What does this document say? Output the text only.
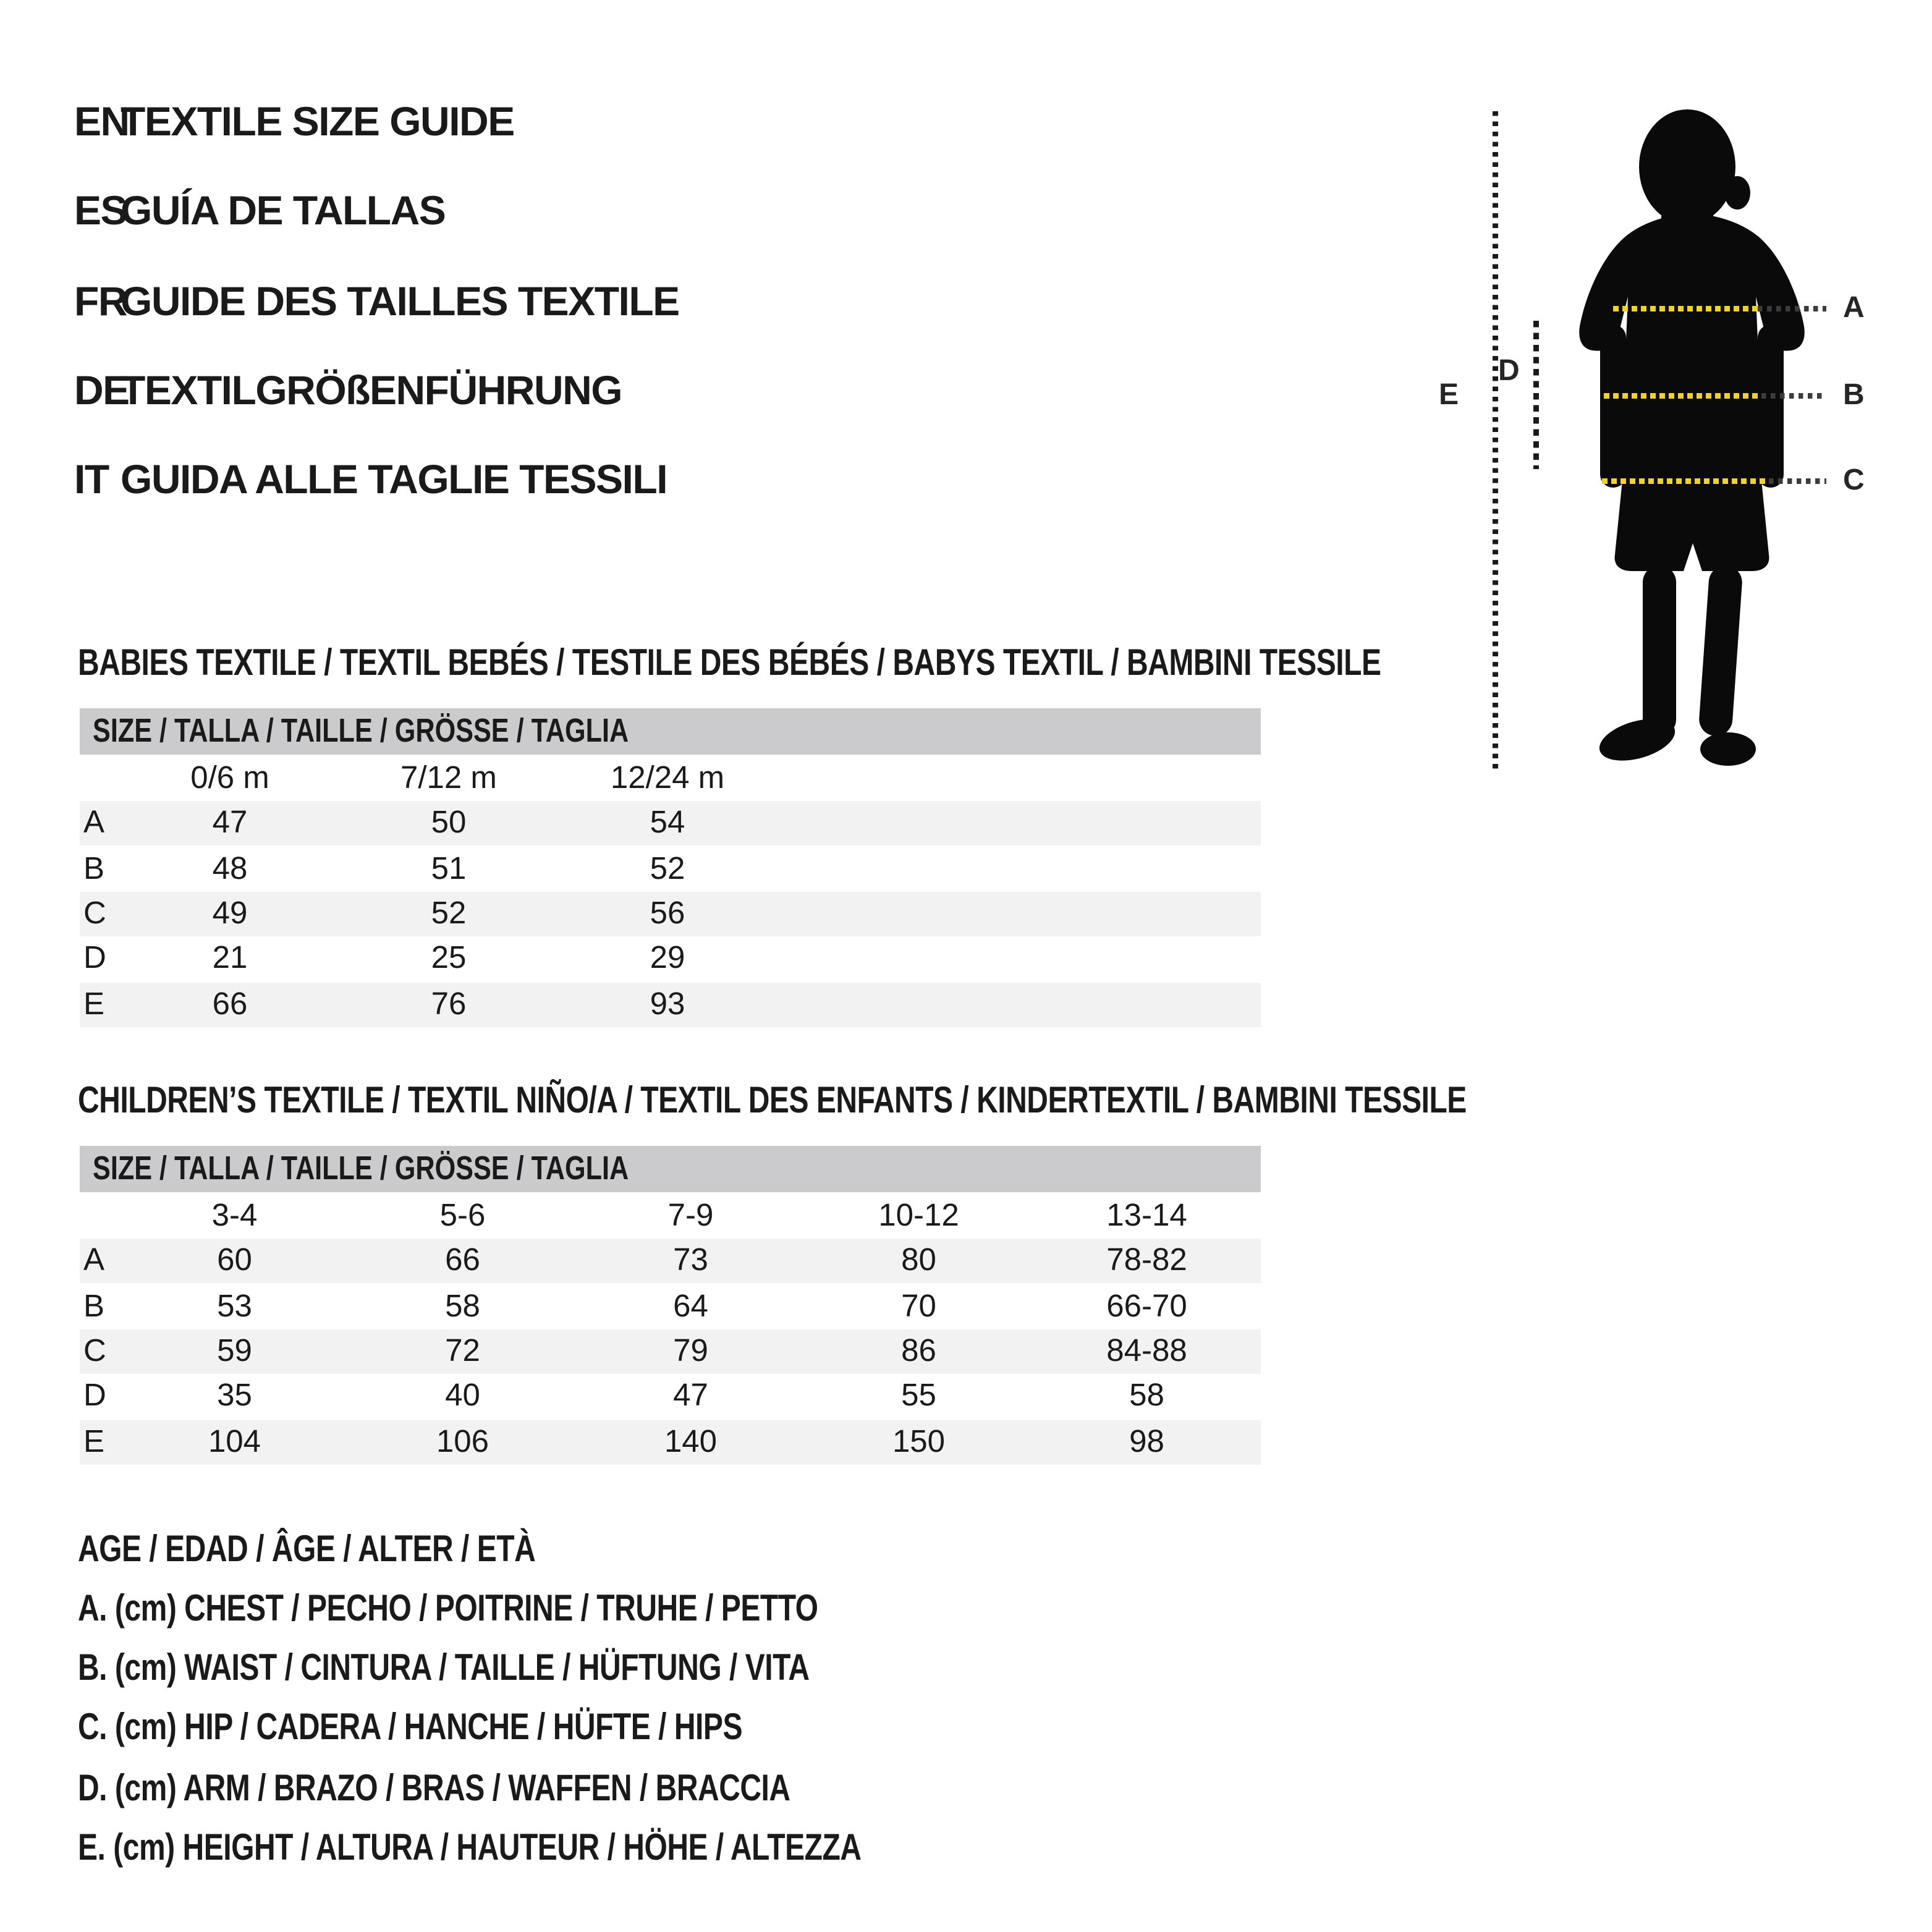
EN
TEXTILE SIZE GUIDE
ES
GUÍA DE TALLAS
FR
GUIDE DES TAILLES TEXTILE
DE
TEXTILGRÖßENFÜHRUNG
IT GUIDA ALLE TAGLIE TESSILI
E
D
A
B
C
BABIES TEXTILE / TEXTIL BEBÉS / TESTILE DES BÉBÉS / BABYS TEXTIL / BAMBINI TESSILE
SIZE / TALLA / TAILLE / GRÖSSE / TAGLIA
0/6 m	7/12 m	12/24 m
A	47	50	54
B	48	51	52
C	49	52	56
D	21	25	29
E	66	76	93
CHILDREN’S TEXTILE / TEXTIL NIÑO/A / TEXTIL DES ENFANTS / KINDERTEXTIL / BAMBINI TESSILE
SIZE / TALLA / TAILLE / GRÖSSE / TAGLIA
3-4	5-6	7-9	10-12	13-14
A	60	66	73	80	78-82
B	53	58	64	70	66-70
C	59	72	79	86	84-88
D	35	40	47	55	58
E	104	106	140	150	98
AGE / EDAD / ÂGE / ALTER / ETÀ
A. (cm) CHEST / PECHO / POITRINE / TRUHE / PETTO
B. (cm) WAIST / CINTURA / TAILLE / HÜFTUNG / VITA
C. (cm) HIP / CADERA / HANCHE / HÜFTE / HIPS
D. (cm) ARM / BRAZO / BRAS / WAFFEN / BRACCIA
E. (cm) HEIGHT / ALTURA / HAUTEUR / HÖHE / ALTEZZA
